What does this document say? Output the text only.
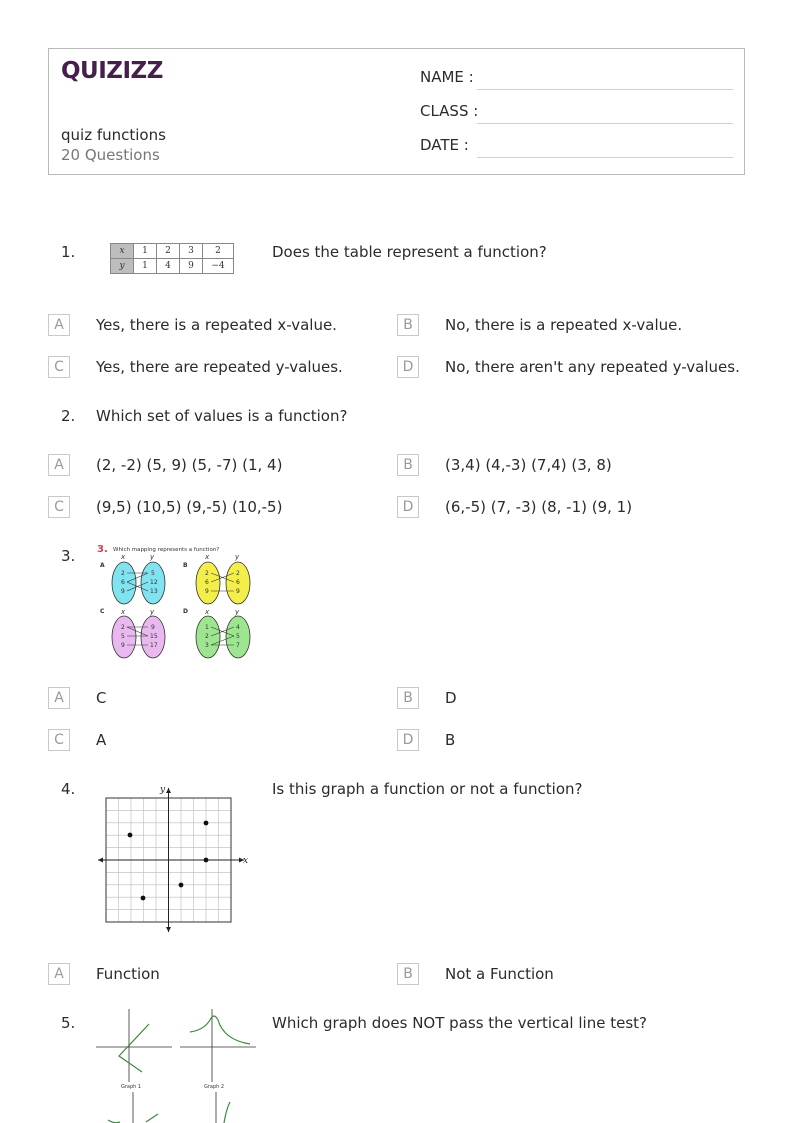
QUIZIZZ
quiz functions
20 Questions
NAME :
CLASS :
DATE :
1.	x	1	2	3	2
y	1	4	9	−4
Does the table represent a function?
A	Yes, there is a repeated x-value.	B	No, there is a repeated x-value.
C	Yes, there are repeated y-values.	D	No, there aren't any repeated y-values.
2. Which set of values is a function?
A	(2, -2) (5, 9) (5, -7) (1, 4)	B	(3,4) (4,-3) (7,4) (3, 8)
C	(9,5) (10,5) (9,-5) (10,-5)	D	(6,-5) (7, -3) (8, -1) (9, 1)
3. 3. Which mapping represents a function?
A
x	y
2
6
9
5
12
13
B
x	y
2
6
9
2
6
9
C x	y
2
5
9
9
15
17
D x	y
1
2
3
4
5
7
A	C	B	D
C	A	D	B
4.
x
y	Is this graph a function or not a function?
A	Function	B	Not a Function
5.
Graph 1	Graph 2
Which graph does NOT pass the vertical line test?
